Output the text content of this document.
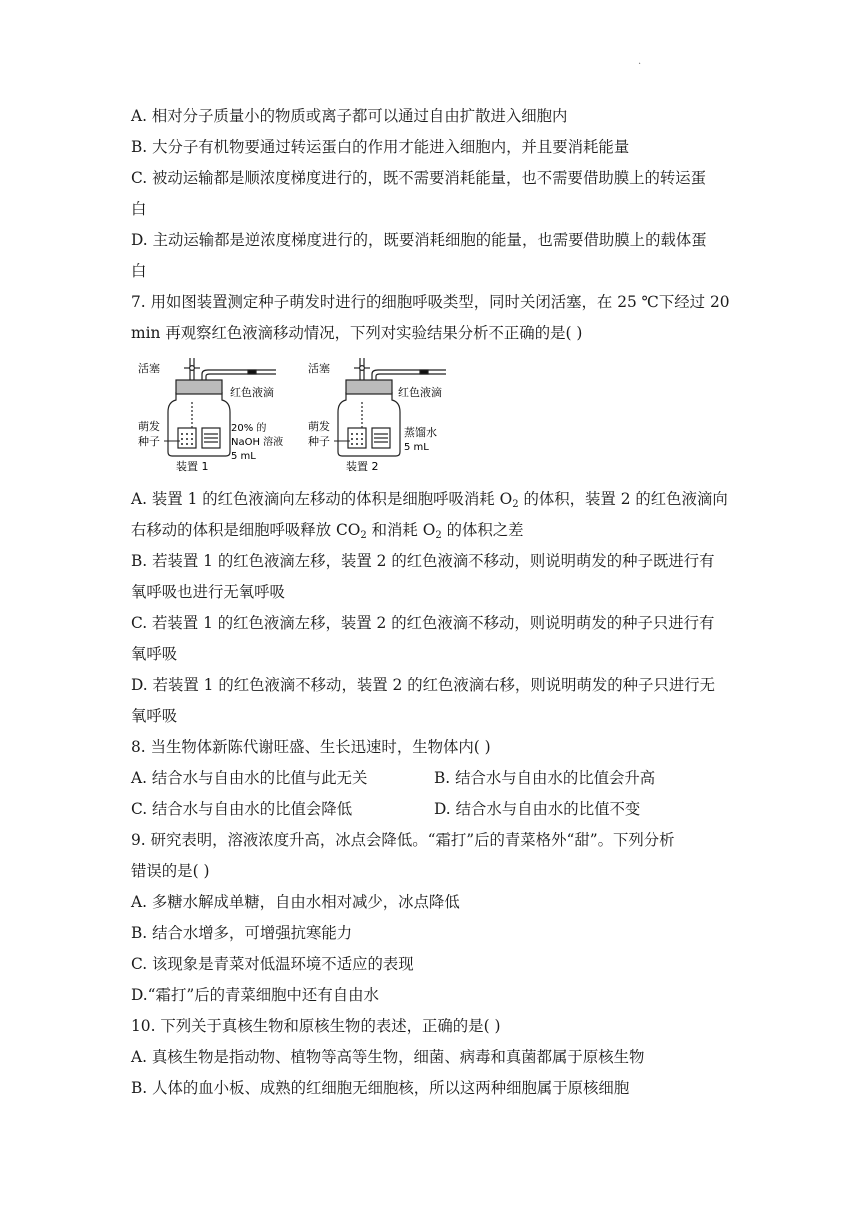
.
A. 相对分子质量小的物质或离子都可以通过自由扩散进入细胞内
B. 大分子有机物要通过转运蛋白的作用才能进入细胞内，并且要消耗能量
C. 被动运输都是顺浓度梯度进行的，既不需要消耗能量，也不需要借助膜上的转运蛋
白
D. 主动运输都是逆浓度梯度进行的，既要消耗细胞的能量，也需要借助膜上的载体蛋
白
7. 用如图装置测定种子萌发时进行的细胞呼吸类型，同时关闭活塞，在 25 ℃下经过 20
min 再观察红色液滴移动情况，下列对实验结果分析不正确的是( )
活塞
红色液滴
萌发
种子
20% 的
NaOH 溶液
5 mL
装置 1
活塞
红色液滴
萌发
种子
蒸馏水
5 mL
装置 2
A. 装置 1 的红色液滴向左移动的体积是细胞呼吸消耗 $O_2$ 的体积，装置 2 的红色液滴向
右移动的体积是细胞呼吸释放 $CO_2$ 和消耗 $O_2$ 的体积之差
B. 若装置 1 的红色液滴左移，装置 2 的红色液滴不移动，则说明萌发的种子既进行有
氧呼吸也进行无氧呼吸
C. 若装置 1 的红色液滴左移，装置 2 的红色液滴不移动，则说明萌发的种子只进行有
氧呼吸
D. 若装置 1 的红色液滴不移动，装置 2 的红色液滴右移，则说明萌发的种子只进行无
氧呼吸
8. 当生物体新陈代谢旺盛、生长迅速时，生物体内( )
A. 结合水与自由水的比值与此无关	B. 结合水与自由水的比值会升高
C. 结合水与自由水的比值会降低	D. 结合水与自由水的比值不变
9. 研究表明，溶液浓度升高，冰点会降低。“霜打”后的青菜格外“甜”。下列分析
错误的是( )
A. 多糖水解成单糖，自由水相对减少，冰点降低
B. 结合水增多，可增强抗寒能力
C. 该现象是青菜对低温环境不适应的表现
D.“霜打”后的青菜细胞中还有自由水
10. 下列关于真核生物和原核生物的表述，正确的是( )
A. 真核生物是指动物、植物等高等生物，细菌、病毒和真菌都属于原核生物
B. 人体的血小板、成熟的红细胞无细胞核，所以这两种细胞属于原核细胞
